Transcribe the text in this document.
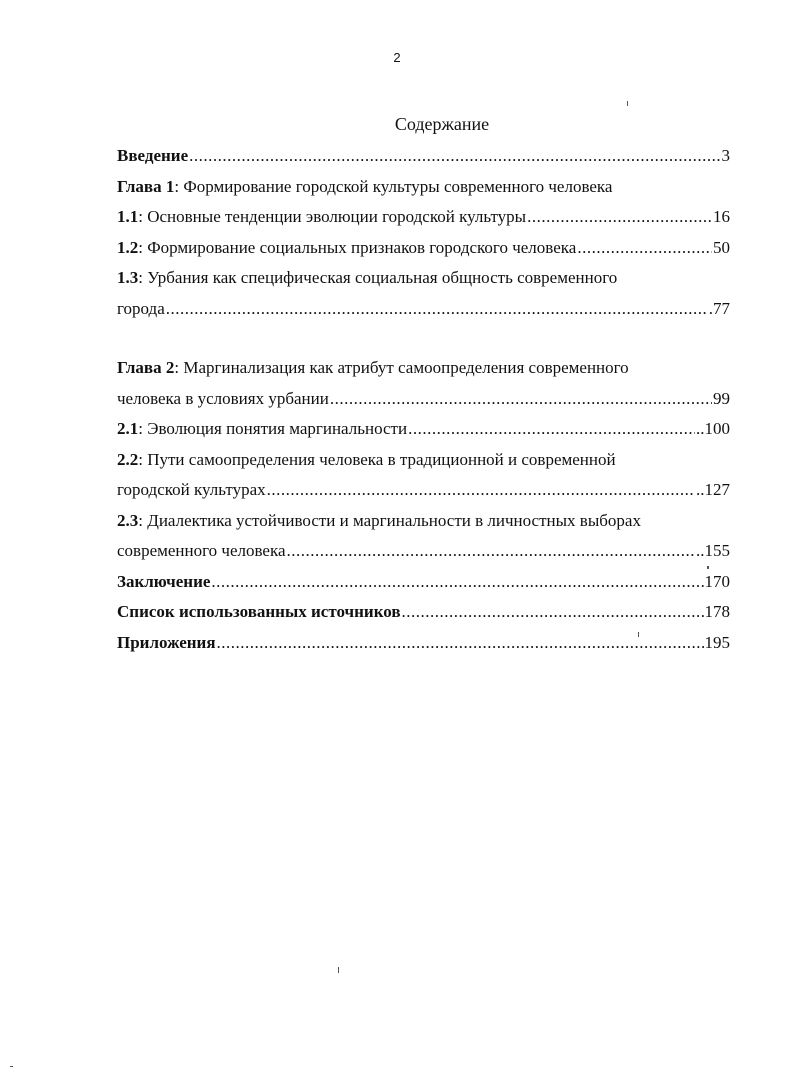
2
Содержание
Введение .....	3
Глава 1: Формирование городской культуры современного человека
1.1: Основные тенденции эволюции городской культуры .....	16
1.2: Формирование социальных признаков городского человека .....	50
1.3: Урбания как специфическая социальная общность современного
города .....	.77
Глава 2: Маргинализация как атрибут самоопределения современного
человека в условиях урбании .....	99
2.1: Эволюция понятия маргинальности .....	..100
2.2: Пути самоопределения человека в традиционной и современной
городской культурах .....	..127
2.3: Диалектика устойчивости и маргинальности в личностных выборах
современного человека .....	..155
Заключение .....	170
Список использованных источников .....	178
Приложения .....	195
